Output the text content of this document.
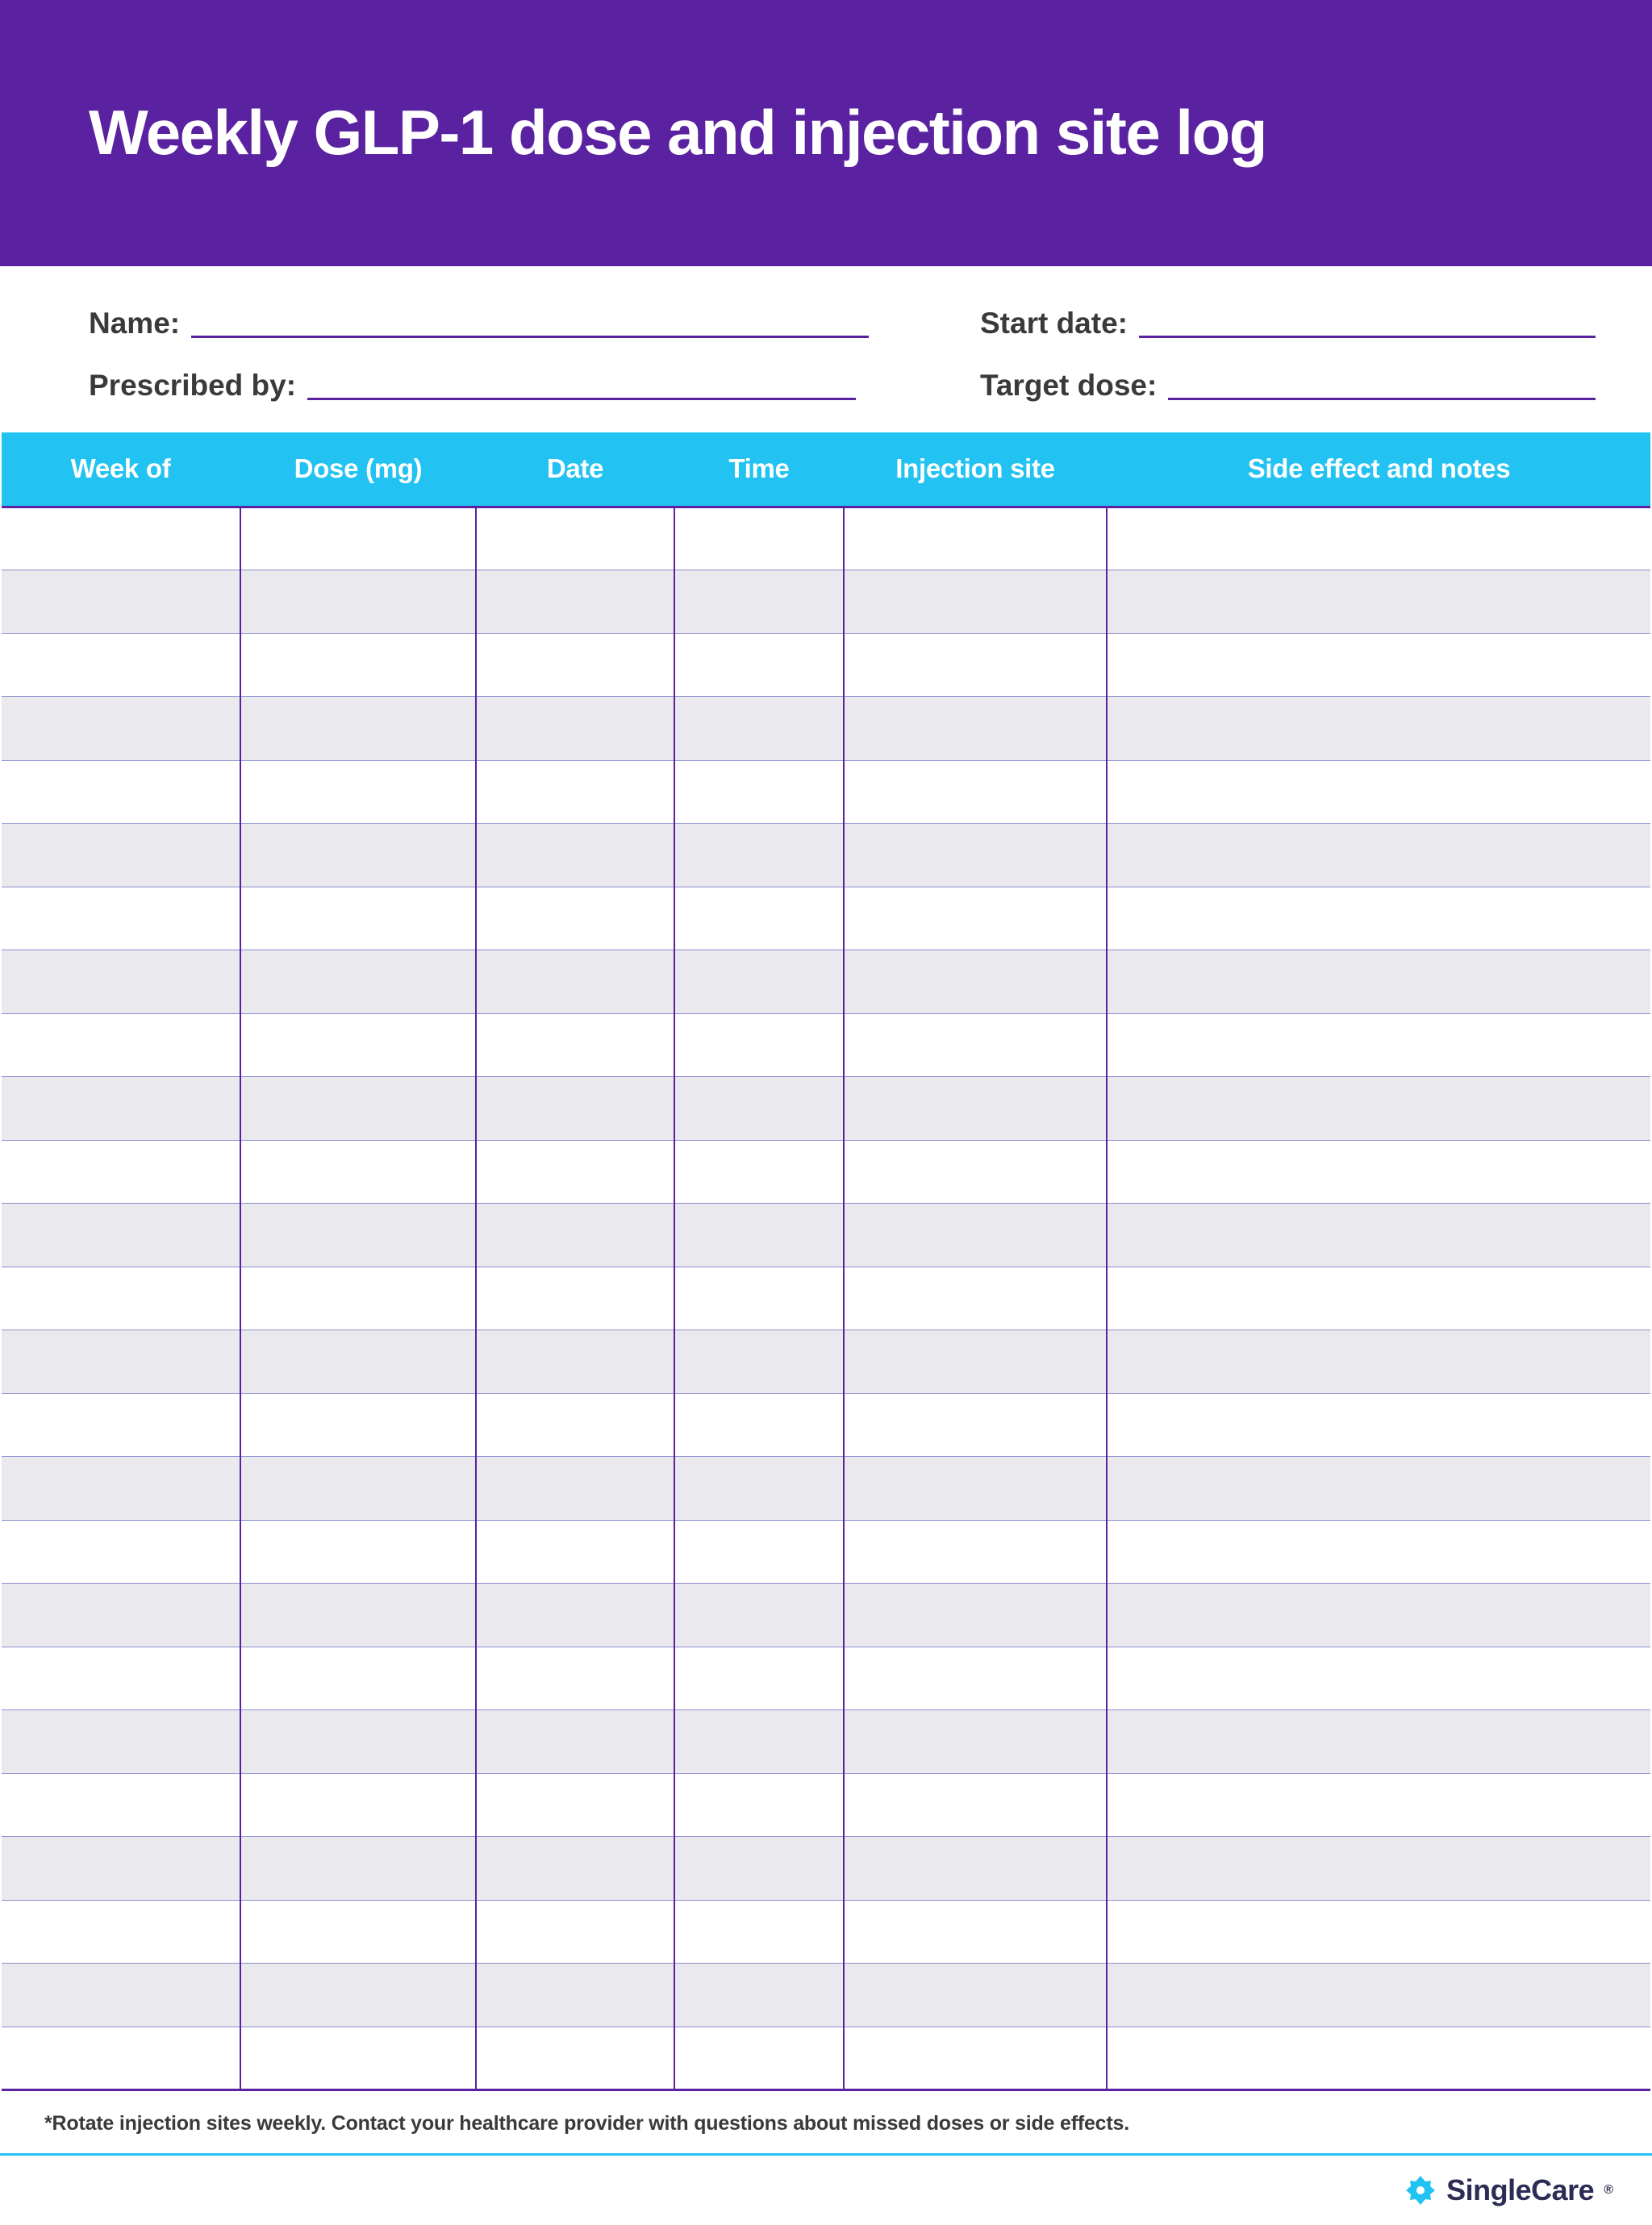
Weekly GLP-1 dose and injection site log
Name:	Start date:
Prescribed by:	Target dose:
Week of	Dose (mg)	Date	Time	Injection site	Side effect and notes

*Rotate injection sites weekly. Contact your healthcare provider with questions about missed doses or side effects.
SingleCare ®
